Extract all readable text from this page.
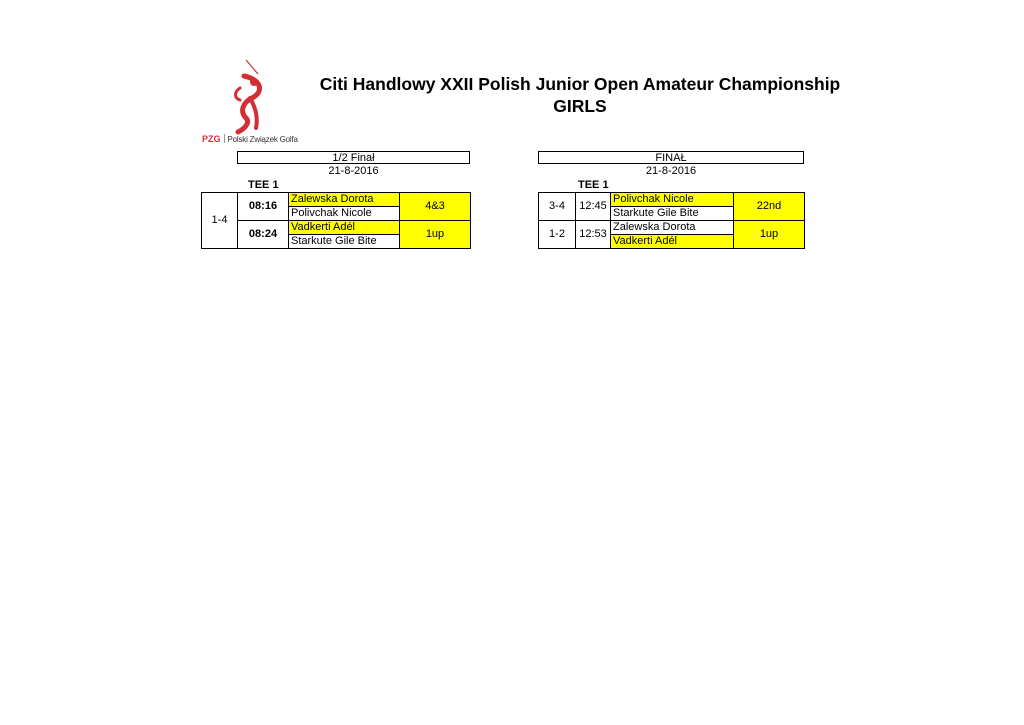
PZG Polski Związek Golfa
Citi Handlowy XXII Polish Junior Open Amateur Championship
GIRLS
1/2 Finał
21-8-2016
TEE 1
1-4	08:16	Zalewska Dorota	4&3
		Polivchak Nicole	
	08:24	Vadkerti Adél	1up
		Starkute Gile Bite	
FINAŁ
21-8-2016
TEE 1
3-4	12:45	Polivchak Nicole	22nd
		Starkute Gile Bite	
1-2	12:53	Zalewska Dorota	1up
		Vadkerti Adél	
